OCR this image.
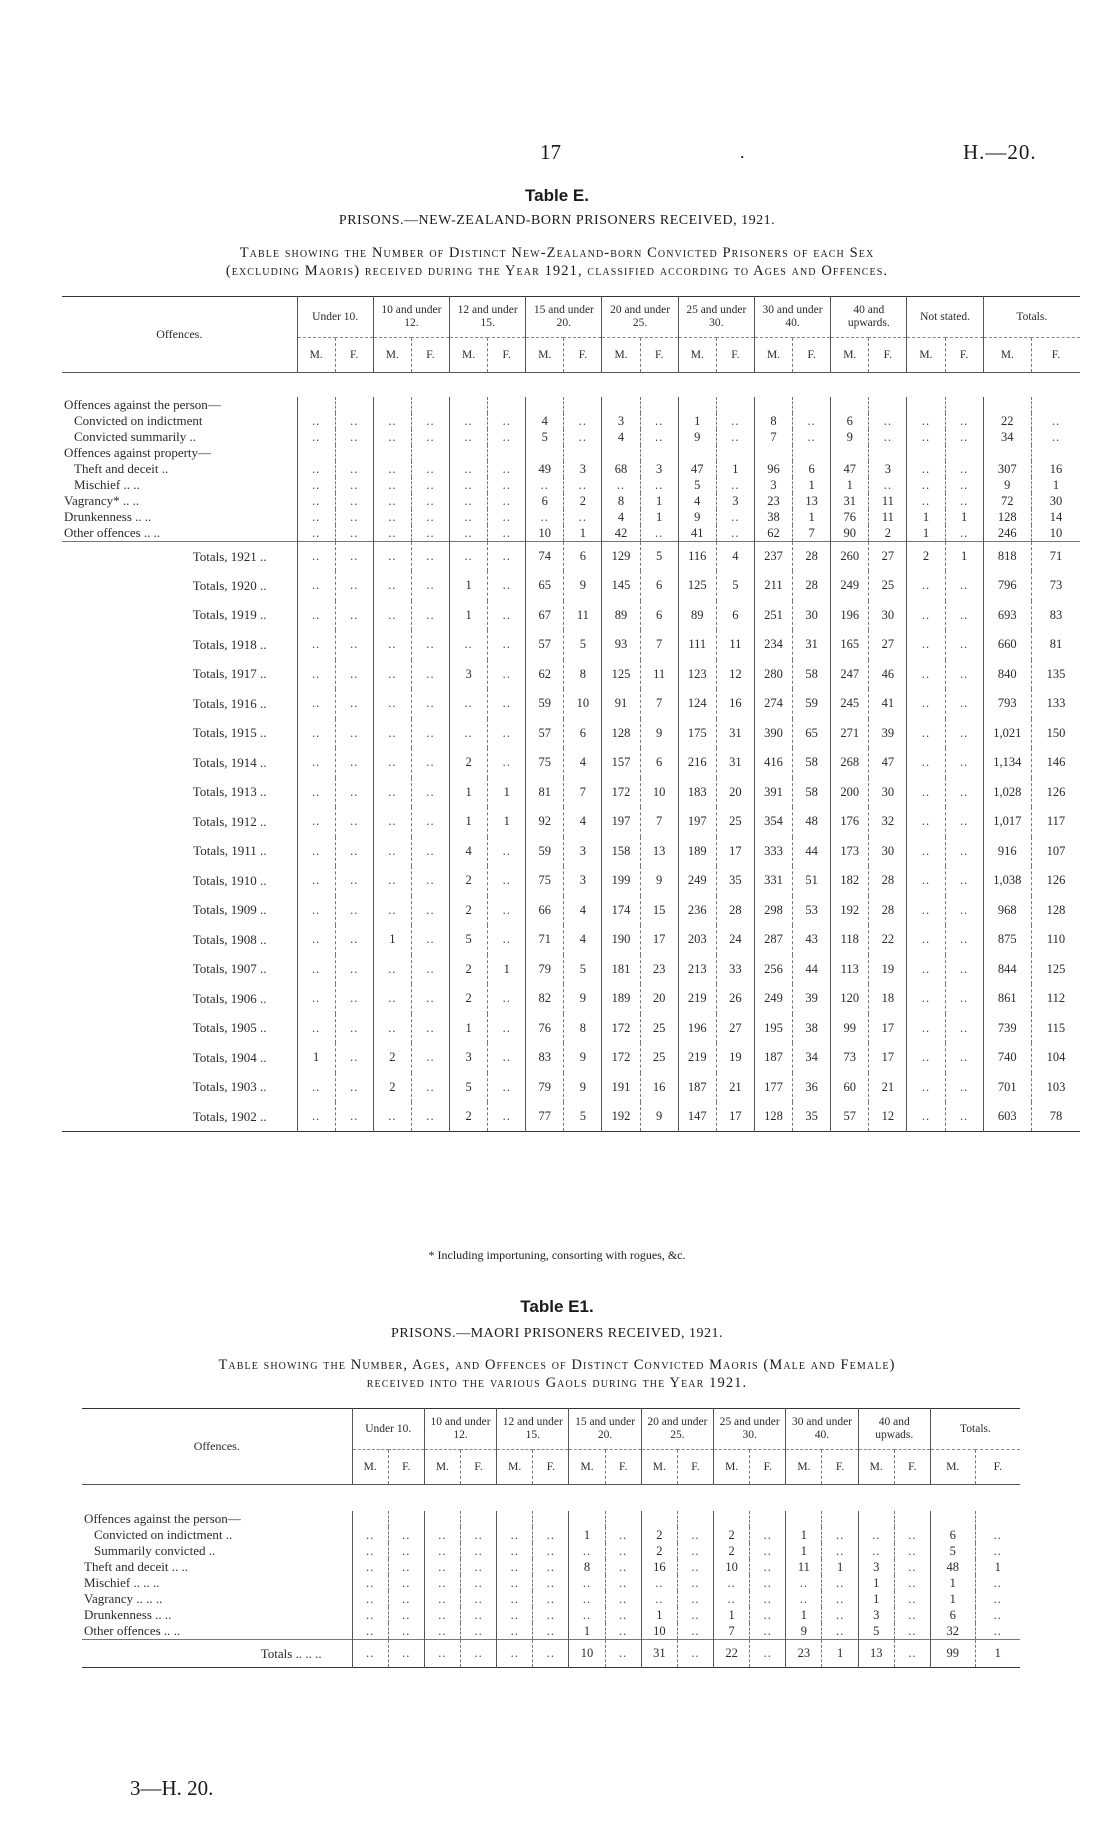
17	.	H.—20.
Table E.
PRISONS.—NEW-ZEALAND-BORN PRISONERS RECEIVED, 1921.
Table showing the Number of Distinct New-Zealand-born Convicted Prisoners of each Sex
(excluding Maoris) received during the Year 1921, classified according to Ages and Offences.
Offences.	Under 10.		10 and under 12.		12 and under 15.		15 and under 20.		20 and under 25.		25 and under 30.		30 and under 40.		40 and upwards.		Not stated.		Totals.	
	M.	F.	M.	F.	M.	F.	M.	F.	M.	F.	M.	F.	M.	F.	M.	F.	M.	F.	M.	F.

Offences against the person—																				
Convicted on indictment	..	..	..	..	..	..	4	..	3	..	1	..	8	..	6	..	..	..	22	..
Convicted summarily ..	..	..	..	..	..	..	5	..	4	..	9	..	7	..	9	..	..	..	34	..
Offences against property—																				
Theft and deceit ..	..	..	..	..	..	..	49	3	68	3	47	1	96	6	47	3	..	..	307	16
Mischief .. ..	..	..	..	..	..	..	..	..	..	..	5	..	3	1	1	..	..	..	9	1
Vagrancy* .. ..	..	..	..	..	..	..	6	2	8	1	4	3	23	13	31	11	..	..	72	30
Drunkenness .. ..	..	..	..	..	..	..	..	..	4	1	9	..	38	1	76	11	1	1	128	14
Other offences .. ..	..	..	..	..	..	..	10	1	42	..	41	..	62	7	90	2	1	..	246	10
Totals, 1921 ..	..	..	..	..	..	..	74	6	129	5	116	4	237	28	260	27	2	1	818	71
Totals, 1920 ..	..	..	..	..	1	..	65	9	145	6	125	5	211	28	249	25	..	..	796	73
Totals, 1919 ..	..	..	..	..	1	..	67	11	89	6	89	6	251	30	196	30	..	..	693	83
Totals, 1918 ..	..	..	..	..	..	..	57	5	93	7	111	11	234	31	165	27	..	..	660	81
Totals, 1917 ..	..	..	..	..	3	..	62	8	125	11	123	12	280	58	247	46	..	..	840	135
Totals, 1916 ..	..	..	..	..	..	..	59	10	91	7	124	16	274	59	245	41	..	..	793	133
Totals, 1915 ..	..	..	..	..	..	..	57	6	128	9	175	31	390	65	271	39	..	..	1,021	150
Totals, 1914 ..	..	..	..	..	2	..	75	4	157	6	216	31	416	58	268	47	..	..	1,134	146
Totals, 1913 ..	..	..	..	..	1	1	81	7	172	10	183	20	391	58	200	30	..	..	1,028	126
Totals, 1912 ..	..	..	..	..	1	1	92	4	197	7	197	25	354	48	176	32	..	..	1,017	117
Totals, 1911 ..	..	..	..	..	4	..	59	3	158	13	189	17	333	44	173	30	..	..	916	107
Totals, 1910 ..	..	..	..	..	2	..	75	3	199	9	249	35	331	51	182	28	..	..	1,038	126
Totals, 1909 ..	..	..	..	..	2	..	66	4	174	15	236	28	298	53	192	28	..	..	968	128
Totals, 1908 ..	..	..	1	..	5	..	71	4	190	17	203	24	287	43	118	22	..	..	875	110
Totals, 1907 ..	..	..	..	..	2	1	79	5	181	23	213	33	256	44	113	19	..	..	844	125
Totals, 1906 ..	..	..	..	..	2	..	82	9	189	20	219	26	249	39	120	18	..	..	861	112
Totals, 1905 ..	..	..	..	..	1	..	76	8	172	25	196	27	195	38	99	17	..	..	739	115
Totals, 1904 ..	1	..	2	..	3	..	83	9	172	25	219	19	187	34	73	17	..	..	740	104
Totals, 1903 ..	..	..	2	..	5	..	79	9	191	16	187	21	177	36	60	21	..	..	701	103
Totals, 1902 ..	..	..	..	..	2	..	77	5	192	9	147	17	128	35	57	12	..	..	603	78
* Including importuning, consorting with rogues, &c.
Table E1.
PRISONS.—MAORI PRISONERS RECEIVED, 1921.
Table showing the Number, Ages, and Offences of Distinct Convicted Maoris (Male and Female)
received into the various Gaols during the Year 1921.
Offences.	Under 10.		10 and under 12.		12 and under 15.		15 and under 20.		20 and under 25.		25 and under 30.		30 and under 40.		40 and upwads.		Totals.	
	M.	F.	M.	F.	M.	F.	M.	F.	M.	F.	M.	F.	M.	F.	M.	F.	M.	F.

Offences against the person—																		
Convicted on indictment ..	..	..	..	..	..	..	1	..	2	..	2	..	1	..	..	..	6	..
Summarily convicted ..	..	..	..	..	..	..	..	..	2	..	2	..	1	..	..	..	5	..
Theft and deceit .. ..	..	..	..	..	..	..	8	..	16	..	10	..	11	1	3	..	48	1
Mischief .. .. ..	..	..	..	..	..	..	..	..	..	..	..	..	..	..	1	..	1	..
Vagrancy .. .. ..	..	..	..	..	..	..	..	..	..	..	..	..	..	..	1	..	1	..
Drunkenness .. ..	..	..	..	..	..	..	..	..	1	..	1	..	1	..	3	..	6	..
Other offences .. ..	..	..	..	..	..	..	1	..	10	..	7	..	9	..	5	..	32	..
Totals .. .. ..	..	..	..	..	..	..	10	..	31	..	22	..	23	1	13	..	99	1
3—H. 20.
